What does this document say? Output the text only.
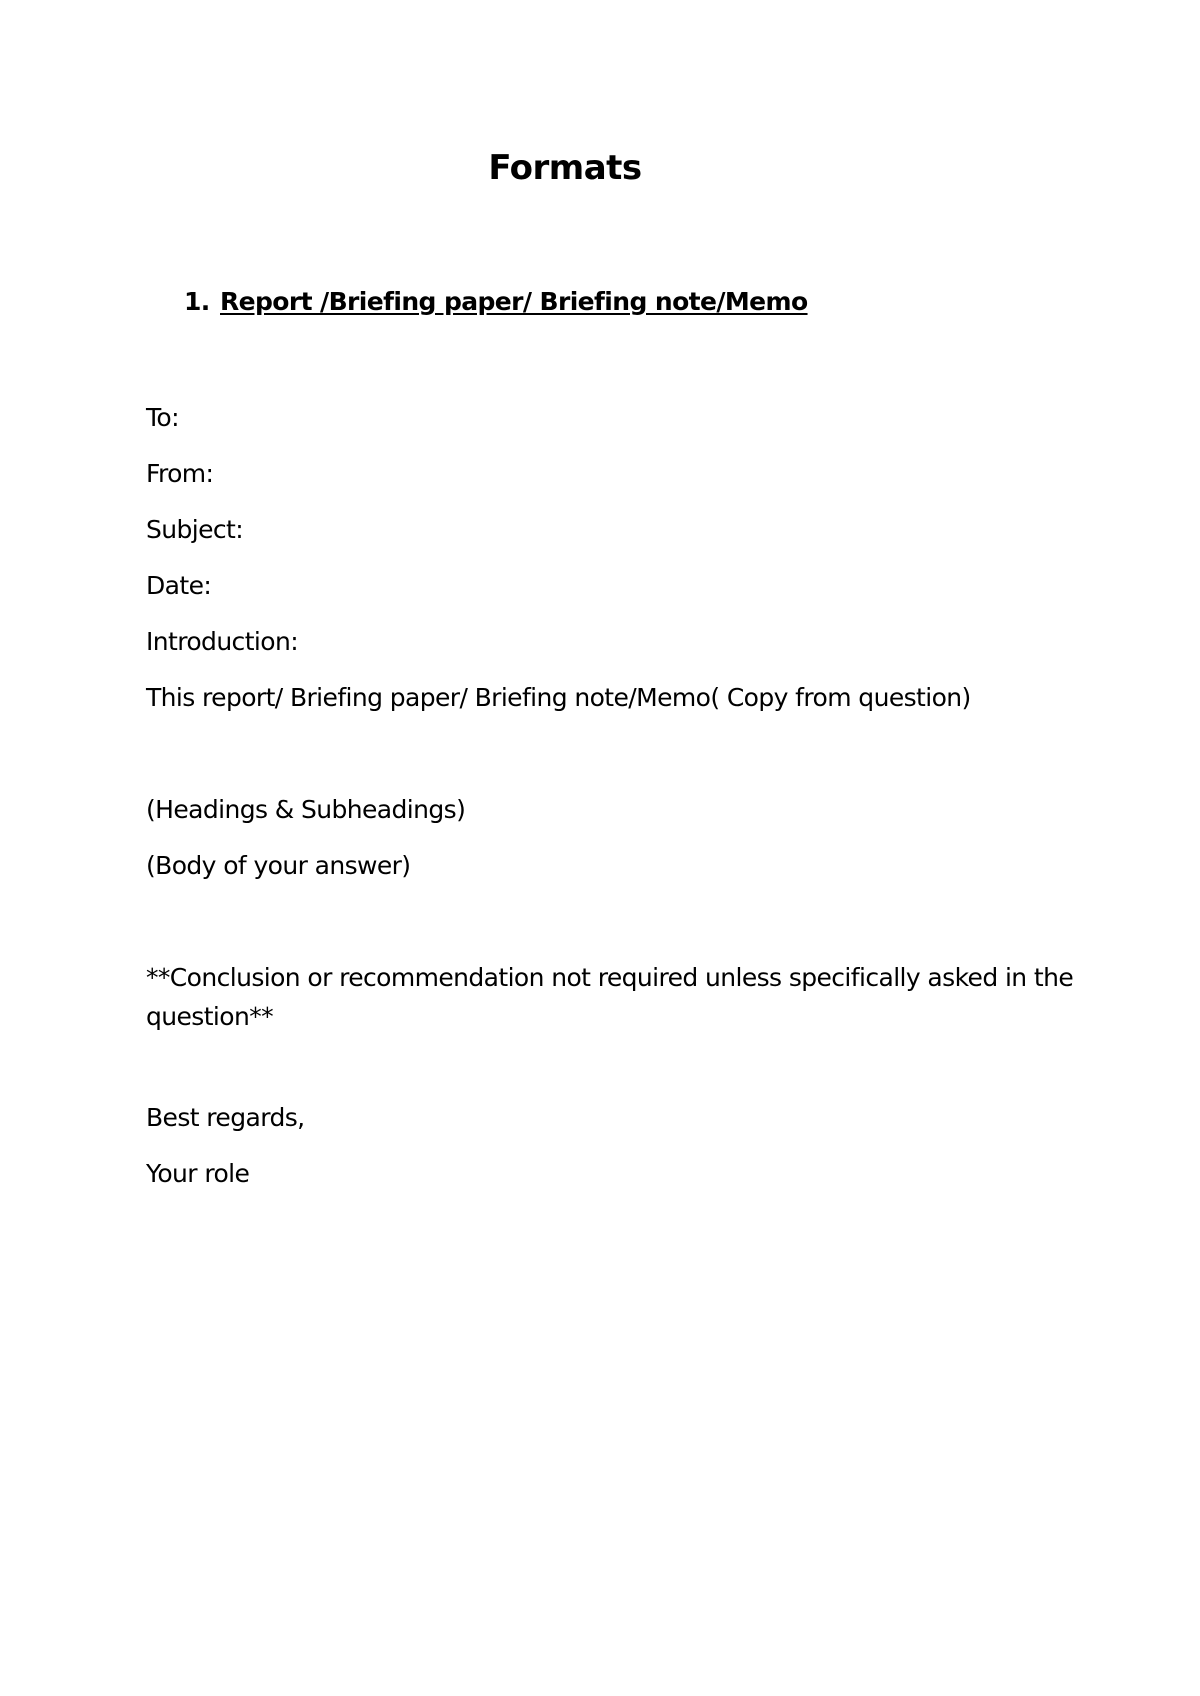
Formats
1. Report /Briefing paper/ Briefing note/Memo
To:
From:
Subject:
Date:
Introduction:
This report/ Briefing paper/ Briefing note/Memo( Copy from question)
(Headings & Subheadings)
(Body of your answer)
**Conclusion or recommendation not required unless specifically asked in the question**
Best regards,
Your role
